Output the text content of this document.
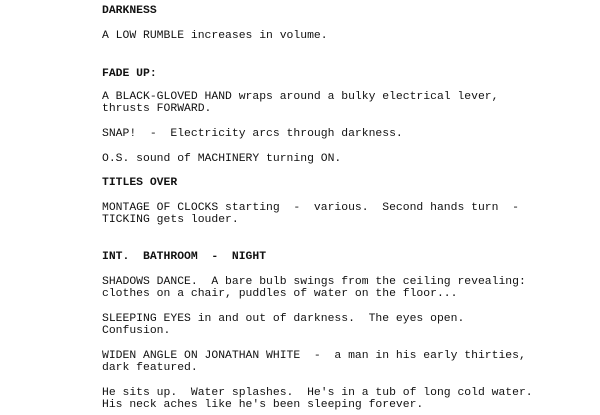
DARKNESS
A LOW RUMBLE increases in volume.
FADE UP:
A BLACK-GLOVED HAND wraps around a bulky electrical lever,
thrusts FORWARD.
SNAP!  -  Electricity arcs through darkness.
O.S. sound of MACHINERY turning ON.
TITLES OVER
MONTAGE OF CLOCKS starting  -  various.  Second hands turn  -
TICKING gets louder.
INT.  BATHROOM  -  NIGHT
SHADOWS DANCE.  A bare bulb swings from the ceiling revealing:
clothes on a chair, puddles of water on the floor...
SLEEPING EYES in and out of darkness.  The eyes open.
Confusion.
WIDEN ANGLE ON JONATHAN WHITE  -  a man in his early thirties,
dark featured.
He sits up.  Water splashes.  He's in a tub of long cold water.
His neck aches like he's been sleeping forever.
